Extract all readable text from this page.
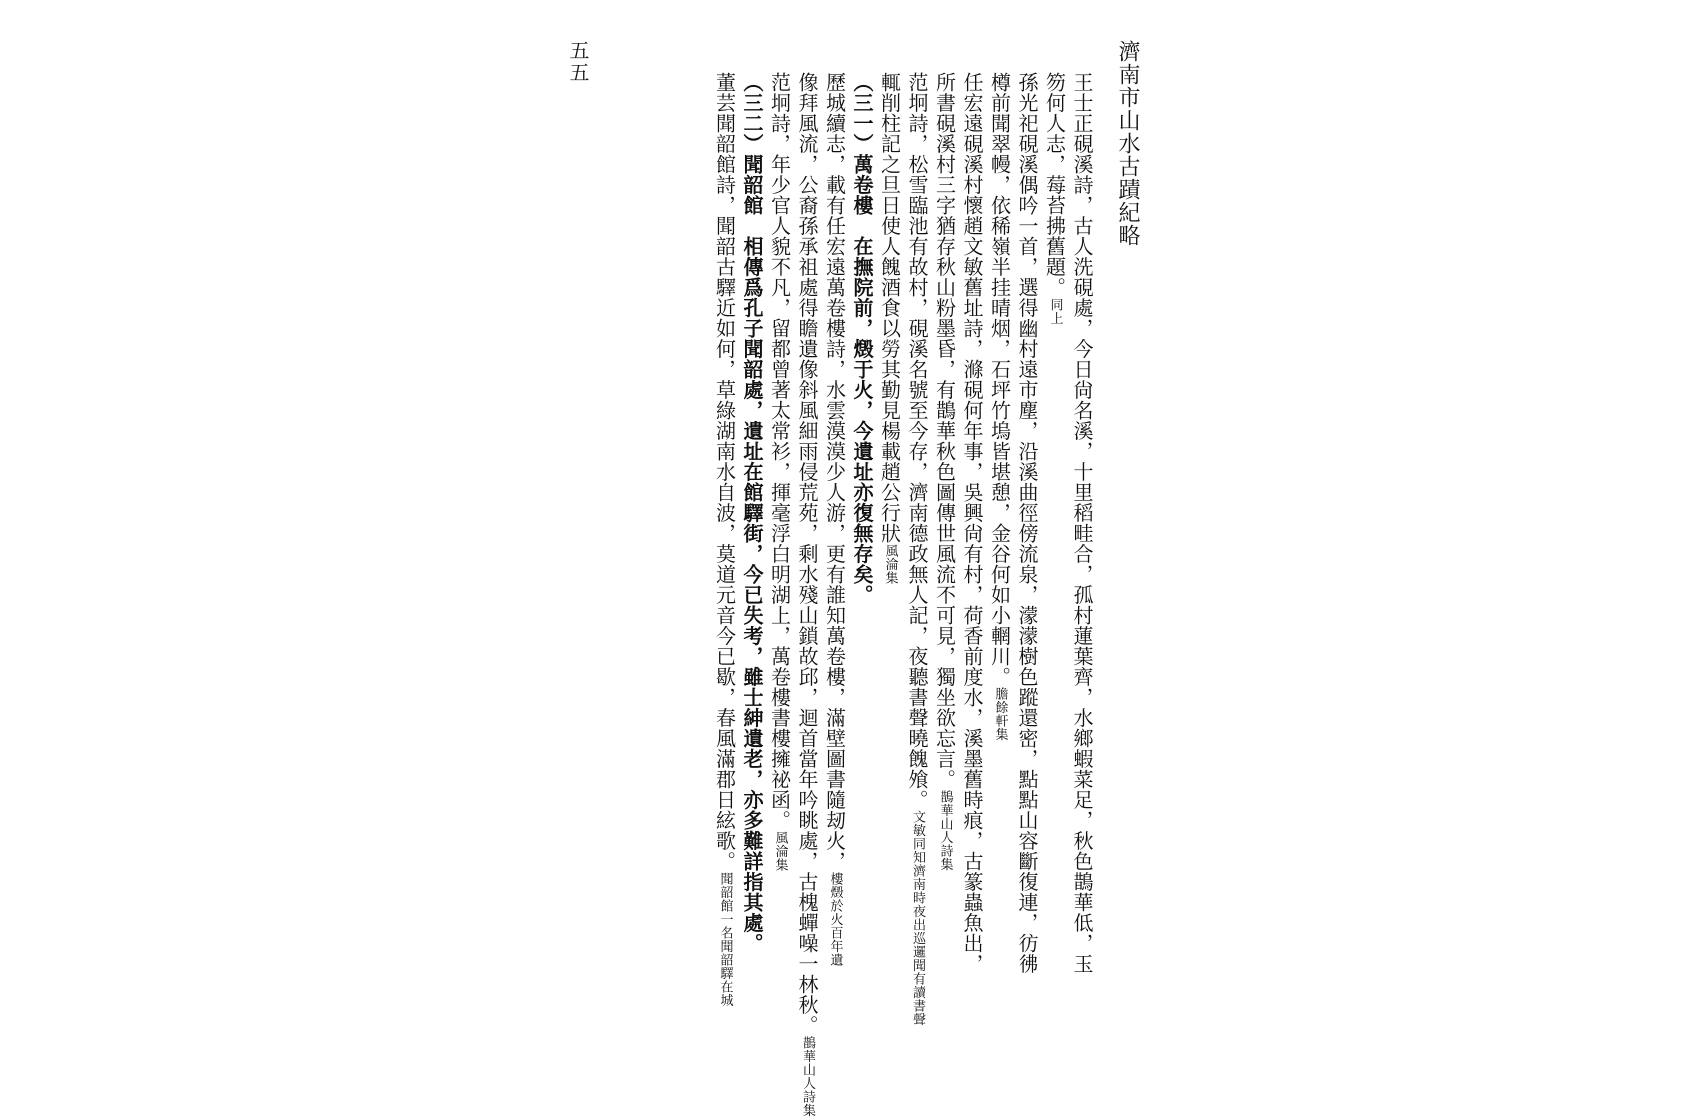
濟南市山水古蹟紀略
五五
王士正硯溪詩，古人洗硯處，今日尙名溪，十里稻畦合，孤村蓮葉齊，水鄉蝦菜足，秋色鵲華低，玉
笏何人志，莓苔拂舊題。同上
孫光祀硯溪偶吟一首，選得幽村遠市塵，沿溪曲徑傍流泉，濛濛樹色蹤還密，點點山容斷復連，彷彿
樽前聞翠幔，依稀嶺半挂晴烟，石坪竹塢皆堪憩，金谷何如小輞川。膽餘軒集
任宏遠硯溪村懷趙文敏舊址詩，滌硯何年事，吳興尙有村，荷香前度水，溪墨舊時痕，古篆蟲魚出，
所書硯溪村三字猶存秋山粉墨昏，有鵲華秋色圖傳世風流不可見，獨坐欲忘言。鵲華山人詩集
范坰詩，松雪臨池有故村，硯溪名號至今存，濟南德政無人記，夜聽書聲曉餽飧。文敏同知濟南時夜出巡邏聞有讀書聲
輒削柱記之旦日使人餽酒食以勞其勤見楊載趙公行狀風淪集
（三一）萬卷樓　在撫院前，燬于火，今遺址亦復無存矣。
歷城續志，載有任宏遠萬卷樓詩，水雲漠漠少人游，更有誰知萬卷樓，滿壁圖書隨刼火，樓燬於火百年遺
像拜風流，公裔孫承祖處得瞻遺像斜風細雨侵荒苑，剩水殘山鎖故邱，迴首當年吟眺處，古槐蟬噪一林秋。鵲華山人詩集
范坰詩，年少官人貌不凡，留都曾著太常衫，揮毫浮白明湖上，萬卷樓書樓擁祕函。風淪集
（三二）聞韶館　相傳爲孔子聞韶處，遺址在館驛街，今已失考，雖士紳遺老，亦多難詳指其處。
董芸聞韶館詩，聞韶古驛近如何，草綠湖南水自波，莫道元音今已歇，春風滿郡日絃歌。聞韶館一名聞韶驛在城
